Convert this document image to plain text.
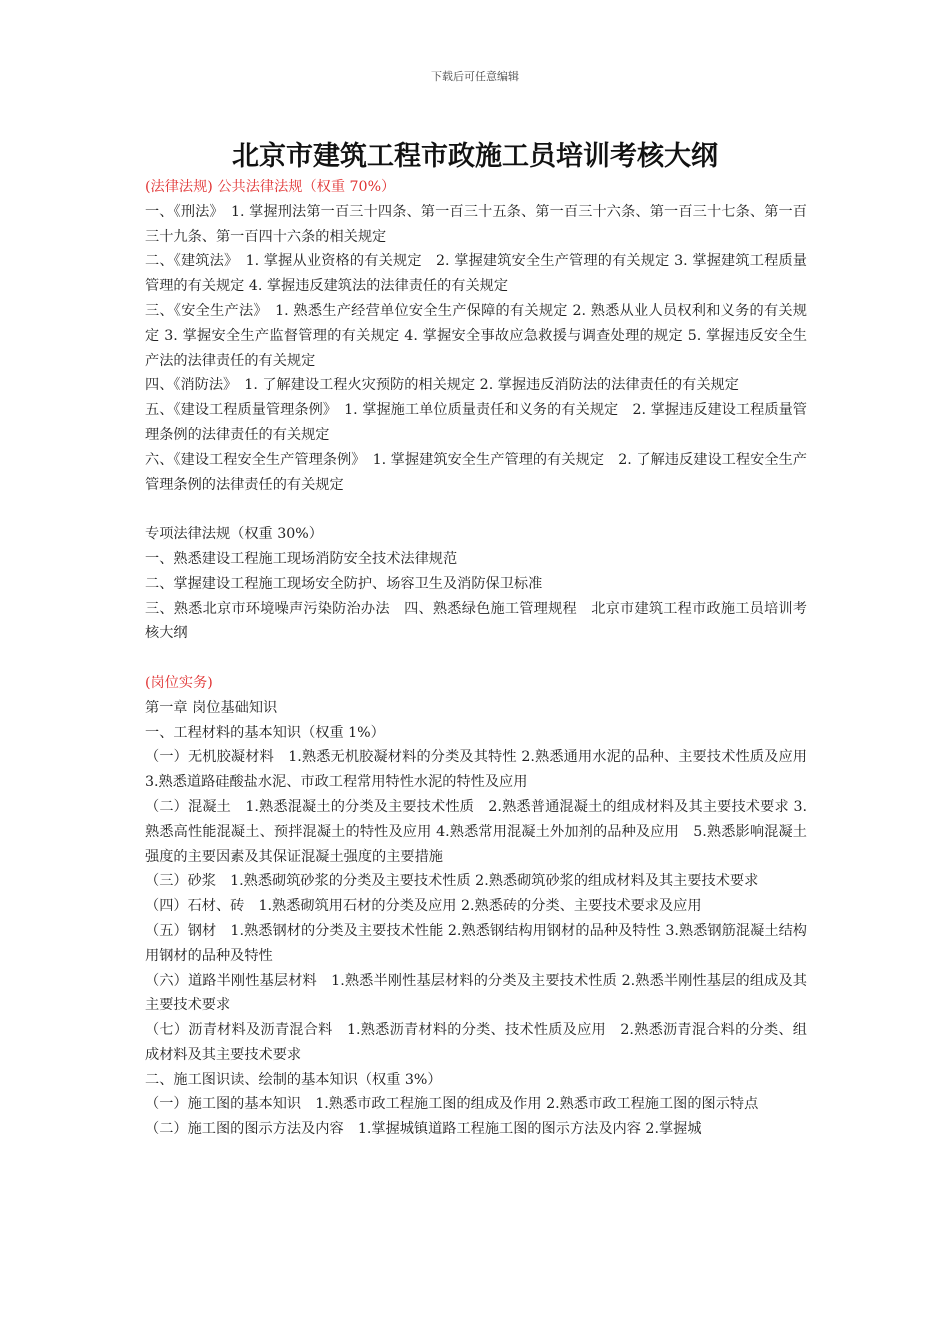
下载后可任意编辑
北京市建筑工程市政施工员培训考核大纲

(法律法规) 公共法律法规（权重 70%）

一、《刑法》　1. 掌握刑法第一百三十四条、第一百三十五条、第一百三十六条、第一百三十七条、第一百三十九条、第一百四十六条的相关规定

二、《建筑法》　1. 掌握从业资格的有关规定　2. 掌握建筑安全生产管理的有关规定 3. 掌握建筑工程质量管理的有关规定 4. 掌握违反建筑法的法律责任的有关规定

三、《安全生产法》　1. 熟悉生产经营单位安全生产保障的有关规定 2. 熟悉从业人员权利和义务的有关规定 3. 掌握安全生产监督管理的有关规定 4. 掌握安全事故应急救援与调查处理的规定 5. 掌握违反安全生产法的法律责任的有关规定

四、《消防法》　1. 了解建设工程火灾预防的相关规定 2. 掌握违反消防法的法律责任的有关规定

五、《建设工程质量管理条例》　1. 掌握施工单位质量责任和义务的有关规定　2. 掌握违反建设工程质量管理条例的法律责任的有关规定

六、《建设工程安全生产管理条例》　1. 掌握建筑安全生产管理的有关规定　2. 了解违反建设工程安全生产管理条例的法律责任的有关规定

专项法律法规（权重 30%）

一、熟悉建设工程施工现场消防安全技术法律规范

二、掌握建设工程施工现场安全防护、场容卫生及消防保卫标准

三、熟悉北京市环境噪声污染防治办法　四、熟悉绿色施工管理规程　北京市建筑工程市政施工员培训考核大纲

(岗位实务)

第一章 岗位基础知识

一、工程材料的基本知识（权重 1%）

（一）无机胶凝材料　1.熟悉无机胶凝材料的分类及其特性 2.熟悉通用水泥的品种、主要技术性质及应用　3.熟悉道路硅酸盐水泥、市政工程常用特性水泥的特性及应用

（二）混凝土　1.熟悉混凝土的分类及主要技术性质　2.熟悉普通混凝土的组成材料及其主要技术要求 3.熟悉高性能混凝土、预拌混凝土的特性及应用 4.熟悉常用混凝土外加剂的品种及应用　5.熟悉影响混凝土强度的主要因素及其保证混凝土强度的主要措施

（三）砂浆　1.熟悉砌筑砂浆的分类及主要技术性质 2.熟悉砌筑砂浆的组成材料及其主要技术要求

（四）石材、砖　1.熟悉砌筑用石材的分类及应用 2.熟悉砖的分类、主要技术要求及应用

（五）钢材　1.熟悉钢材的分类及主要技术性能 2.熟悉钢结构用钢材的品种及特性 3.熟悉钢筋混凝土结构用钢材的品种及特性

（六）道路半刚性基层材料　1.熟悉半刚性基层材料的分类及主要技术性质 2.熟悉半刚性基层的组成及其主要技术要求

（七）沥青材料及沥青混合料　1.熟悉沥青材料的分类、技术性质及应用　2.熟悉沥青混合料的分类、组成材料及其主要技术要求

二、施工图识读、绘制的基本知识（权重 3%）

（一）施工图的基本知识　1.熟悉市政工程施工图的组成及作用 2.熟悉市政工程施工图的图示特点

（二）施工图的图示方法及内容　1.掌握城镇道路工程施工图的图示方法及内容 2.掌握城
